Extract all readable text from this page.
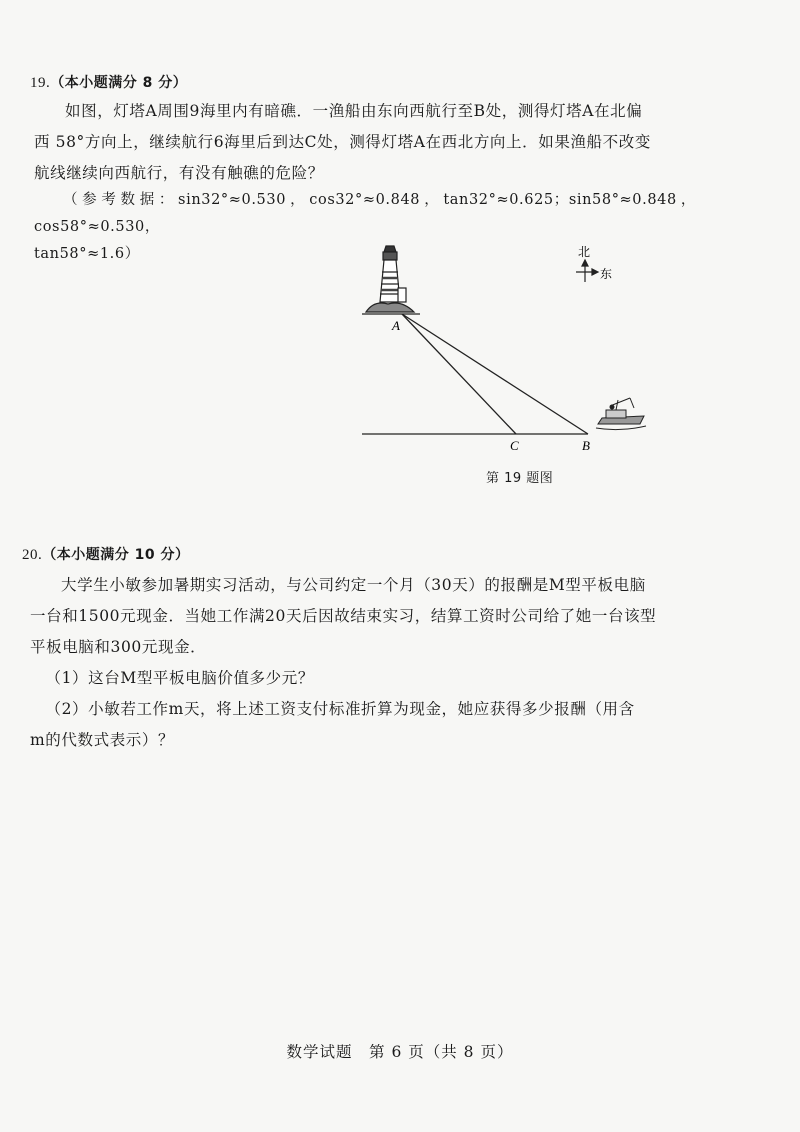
19.（本小题满分 8 分）

如图，灯塔A周围9海里内有暗礁．一渔船由东向西航行至B处，测得灯塔A在北偏

西 58°方向上，继续航行6海里后到达C处，测得灯塔A在西北方向上．如果渔船不改变

航线继续向西航行，有没有触礁的危险？

（参考数据：sin32°≈0.530，cos32°≈0.848，tan32°≈0.625；sin58°≈0.848，cos58°≈0.530，

tan58°≈1.6）

A
C	B
北
东
第 19 题图
20.（本小题满分 10 分）

大学生小敏参加暑期实习活动，与公司约定一个月（30天）的报酬是M型平板电脑

一台和1500元现金．当她工作满20天后因故结束实习，结算工资时公司给了她一台该型

平板电脑和300元现金．

（1）这台M型平板电脑价值多少元？

（2）小敏若工作m天，将上述工资支付标准折算为现金，她应获得多少报酬（用含

m的代数式表示）？

数学试题　第 6 页（共 8 页）
